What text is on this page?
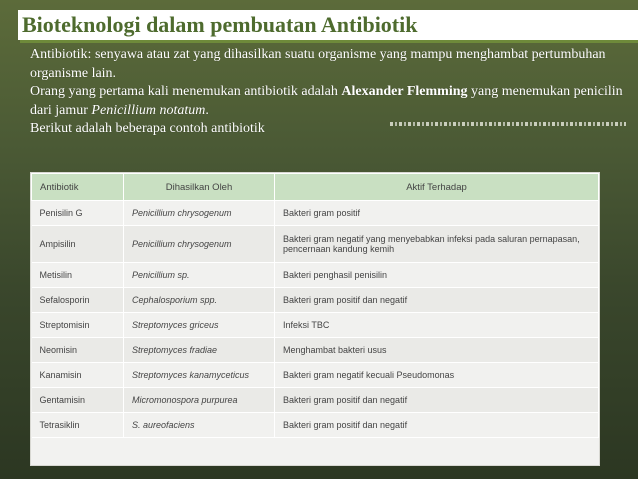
Bioteknologi dalam pembuatan Antibiotik

Antibiotik: senyawa atau zat yang dihasilkan suatu organisme yang mampu menghambat pertumbuhan organisme lain.

Orang yang pertama kali menemukan antibiotik adalah Alexander Flemming yang menemukan penicilin dari jamur Penicillium notatum.

Berikut adalah beberapa contoh antibiotik

Antibiotik	Dihasilkan Oleh	Aktif Terhadap
Penisilin G	Penicillium chrysogenum	Bakteri gram positif
Ampisilin	Penicillium chrysogenum	Bakteri gram negatif yang menyebabkan infeksi pada saluran pernapasan, pencernaan kandung kemih
Metisilin	Penicillium sp.	Bakteri penghasil penisilin
Sefalosporin	Cephalosporium spp.	Bakteri gram positif dan negatif
Streptomisin	Streptomyces griceus	Infeksi TBC
Neomisin	Streptomyces fradiae	Menghambat bakteri usus
Kanamisin	Streptomyces kanamyceticus	Bakteri gram negatif kecuali Pseudomonas
Gentamisin	Micromonospora purpurea	Bakteri gram positif dan negatif
Tetrasiklin	S. aureofaciens	Bakteri gram positif dan negatif
